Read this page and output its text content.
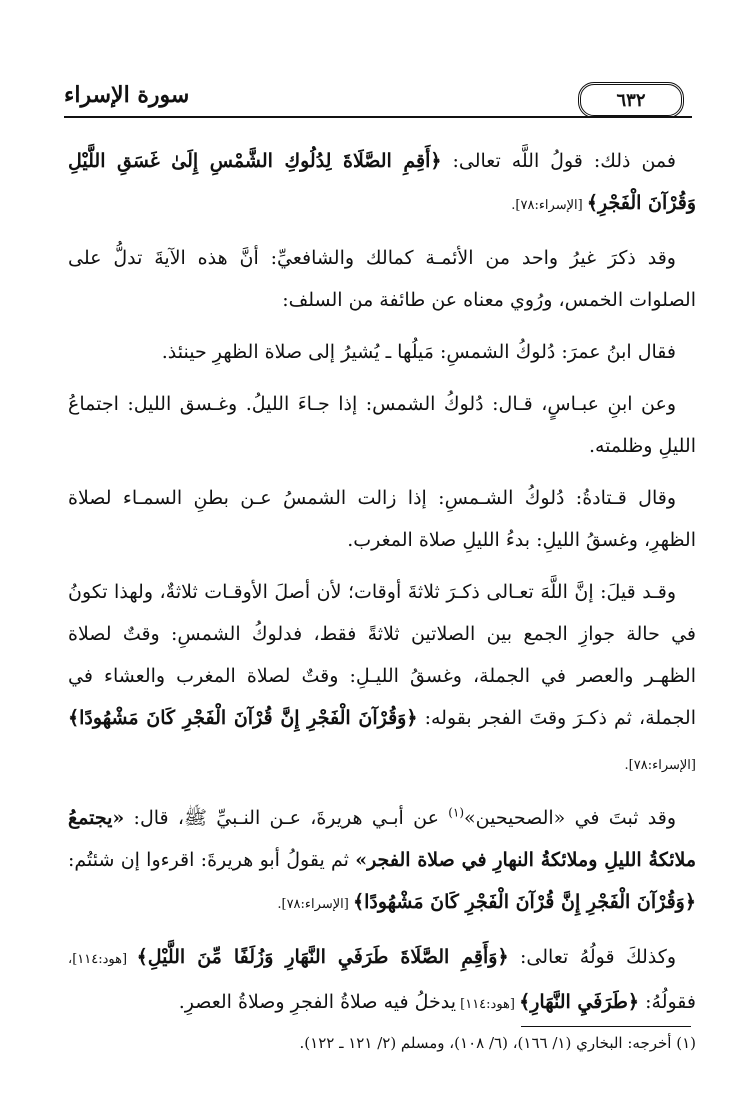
سورة الإسراء	٦٣٢

فمن ذلك: قولُ اللَّه تعالى: ﴿أَقِمِ الصَّلَاةَ لِدُلُوكِ الشَّمْسِ إِلَىٰ غَسَقِ اللَّيْلِ وَقُرْآنَ الْفَجْرِ﴾ [الإسراء:٧٨].

وقد ذكرَ غيرُ واحد من الأئمـة كمالك والشافعيِّ: أنَّ هذه الآيةَ تدلُّ على الصلوات الخمس، ورُوي معناه عن طائفة من السلف:

فقال ابنُ عمرَ: دُلوكُ الشمسِ: مَيلُها ـ يُشيرُ إلى صلاة الظهرِ حينئذ.

وعن ابنِ عبـاسٍ، قـال: دُلوكُ الشمس: إذا جـاءَ الليلُ. وغـسق الليل: اجتماعُ الليلِ وظلمته.

وقال قـتادةُ: دُلوكُ الشـمسِ: إذا زالت الشمسُ عـن بطنِ السمـاء لصلاة الظهرِ، وغسقُ الليلِ: بدءُ الليلِ صلاة المغرب.

وقـد قيلَ: إنَّ اللَّهَ تعـالى ذكـرَ ثلاثةَ أوقات؛ لأن أصلَ الأوقـات ثلاثةٌ، ولهذا تكونُ في حالة جوازِ الجمع بين الصلاتين ثلاثةً فقط، فدلوكُ الشمسِ: وقتٌ لصلاة الظهـر والعصر في الجملة، وغسقُ الليـلِ: وقتٌ لصلاة المغرب والعشاء في الجملة، ثم ذكـرَ وقتَ الفجر بقوله: ﴿وَقُرْآنَ الْفَجْرِ إِنَّ قُرْآنَ الْفَجْرِ كَانَ مَشْهُودًا﴾ [الإسراء:٧٨].

وقد ثبتَ في «الصحيحين»$^{(١)}$ عن أبـي هريرةَ، عـن النـبيِّ ﷺ، قال: «يجتمعُ ملائكةُ الليلِ وملائكةُ النهارِ في صلاة الفجر» ثم يقولُ أبو هريرةَ: اقرءوا إن شئتُم: ﴿وَقُرْآنَ الْفَجْرِ إِنَّ قُرْآنَ الْفَجْرِ كَانَ مَشْهُودًا﴾ [الإسراء:٧٨].

وكذلكَ قولُهُ تعالى: ﴿وَأَقِمِ الصَّلَاةَ طَرَفَيِ النَّهَارِ وَزُلَفًا مِّنَ اللَّيْلِ﴾ [هود:١١٤]، فقولُهُ: ﴿طَرَفَيِ النَّهَارِ﴾ [هود:١١٤] يدخلُ فيه صلاةُ الفجرِ وصلاةُ العصرِ.

(١) أخرجه: البخاري (١/ ١٦٦)، (٦/ ١٠٨)، ومسلم (٢/ ١٢١ ـ ١٢٢).
